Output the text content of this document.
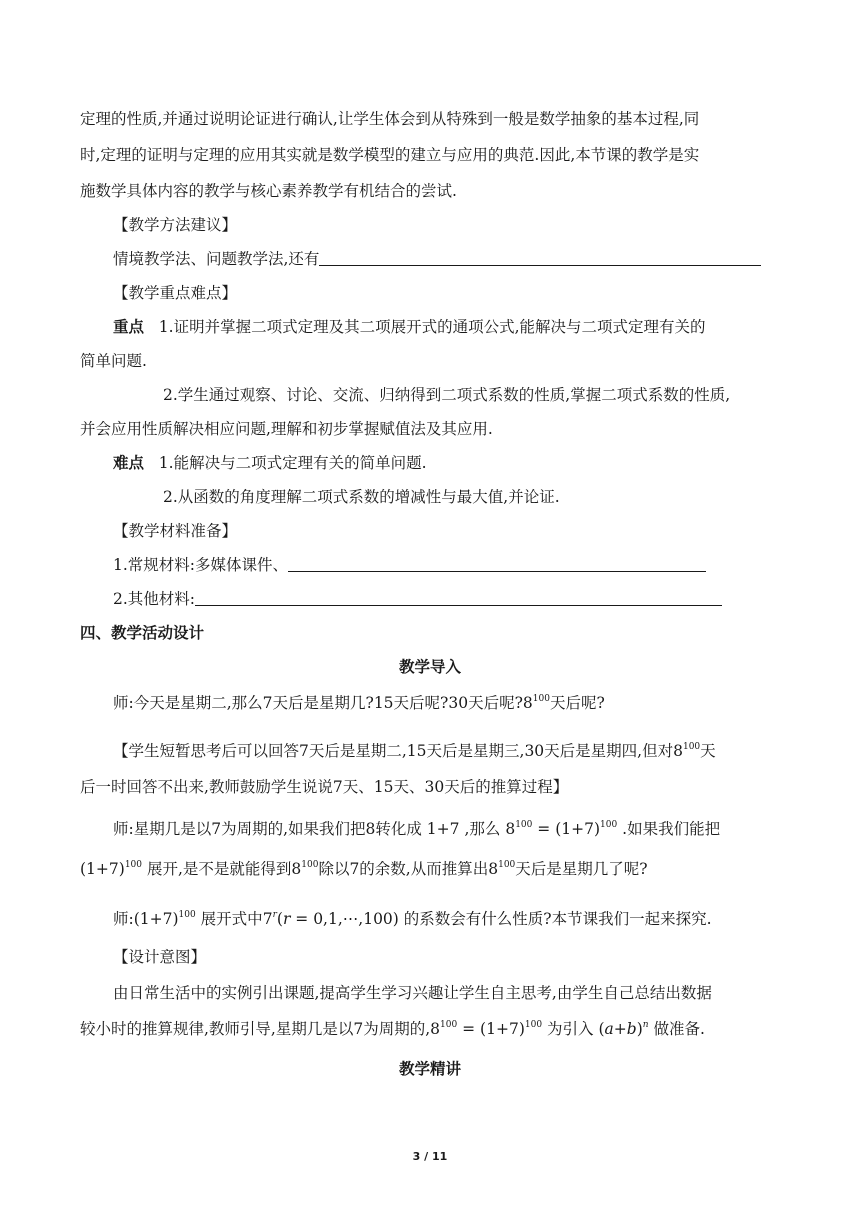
定理的性质,并通过说明论证进行确认,让学生体会到从特殊到一般是数学抽象的基本过程,同
时,定理的证明与定理的应用其实就是数学模型的建立与应用的典范.因此,本节课的教学是实
施数学具体内容的教学与核心素养教学有机结合的尝试.
【教学方法建议】
情境教学法、问题教学法,还有
【教学重点难点】
重点 1.证明并掌握二项式定理及其二项展开式的通项公式,能解决与二项式定理有关的
简单问题.
2.学生通过观察、讨论、交流、归纳得到二项式系数的性质,掌握二项式系数的性质,
并会应用性质解决相应问题,理解和初步掌握赋值法及其应用.
难点 1.能解决与二项式定理有关的简单问题.
2.从函数的角度理解二项式系数的增减性与最大值,并论证.
【教学材料准备】
1.常规材料:多媒体课件、
2.其他材料:
四、教学活动设计
教学导入
师:今天是星期二,那么7天后是星期几?15天后呢?30天后呢$?8^{100}$天后呢?
【学生短暂思考后可以回答7天后是星期二,15天后是星期三,30天后是星期四,但对$8^{100}$天
后一时回答不出来,教师鼓励学生说说7天、15天、30天后的推算过程】
师:星期几是以7为周期的,如果我们把8转化成 1+7 ,那么 $8^{100} = (1+7)^{100}$ .如果我们能把
$(1+7)^{100}$ 展开,是不是就能得到$8^{100}$除以7的余数,从而推算出$8^{100}$天后是星期几了呢?
师$:(1+7)^{100}$ 展开式中$7^r(r$ = 0,1,⋯,100) 的系数会有什么性质?本节课我们一起来探究.
【设计意图】
由日常生活中的实例引出课题,提高学生学习兴趣让学生自主思考,由学生自己总结出数据
较小时的推算规律,教师引导,星期几是以7为周期的$,8^{100} = (1+7)^{100}$ 为引入 $(a+b)^n$ 做准备.
教学精讲
3 / 11
